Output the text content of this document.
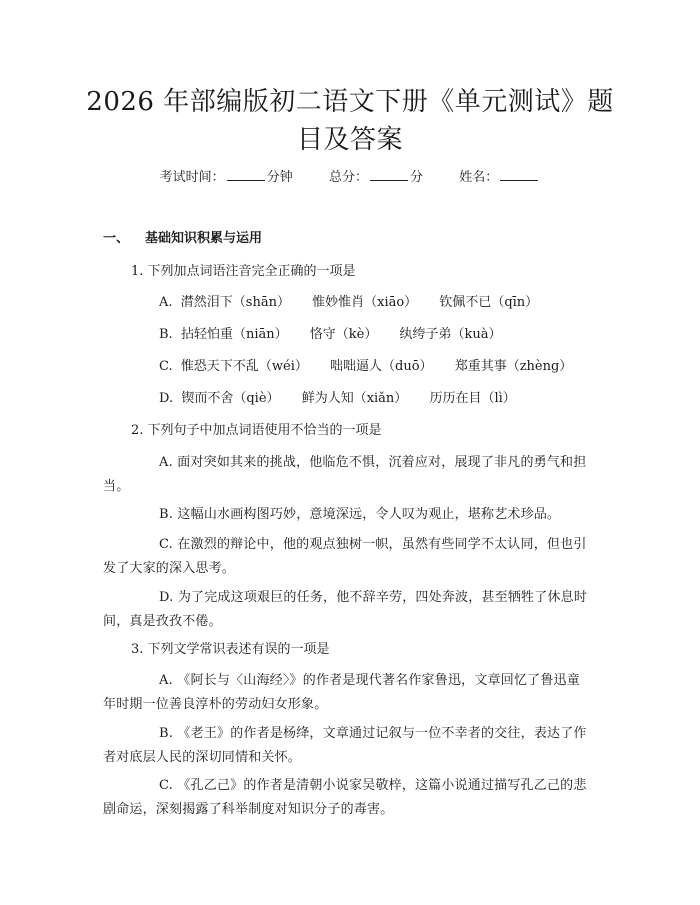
2026 年部编版初二语文下册《单元测试》题
目及答案
考试时间：	分钟	总分：	分	姓名：
一、 基础知识积累与运用
1. 下列加点词语注音完全正确的一项是
A. 潸然泪下（shān） 惟妙惟肖（xiāo） 钦佩不已（qīn）
B. 拈轻怕重（niān） 恪守（kè） 纨绔子弟（kuà）
C. 惟恐天下不乱（wéi） 咄咄逼人（duō） 郑重其事（zhèng）
D. 锲而不舍（qiè） 鲜为人知（xiǎn） 历历在目（lì）
2. 下列句子中加点词语使用不恰当的一项是
A. 面对突如其来的挑战，他临危不惧，沉着应对，展现了非凡的勇气和担当。
B. 这幅山水画构图巧妙，意境深远，令人叹为观止，堪称艺术珍品。
C. 在激烈的辩论中，他的观点独树一帜，虽然有些同学不太认同，但也引发了大家的深入思考。
D. 为了完成这项艰巨的任务，他不辞辛劳，四处奔波，甚至牺牲了休息时间，真是孜孜不倦。
3. 下列文学常识表述有误的一项是
A. 《阿长与〈山海经〉》的作者是现代著名作家鲁迅，文章回忆了鲁迅童年时期一位善良淳朴的劳动妇女形象。
B. 《老王》的作者是杨绛，文章通过记叙与一位不幸者的交往，表达了作者对底层人民的深切同情和关怀。
C. 《孔乙己》的作者是清朝小说家吴敬梓，这篇小说通过描写孔乙己的悲剧命运，深刻揭露了科举制度对知识分子的毒害。
